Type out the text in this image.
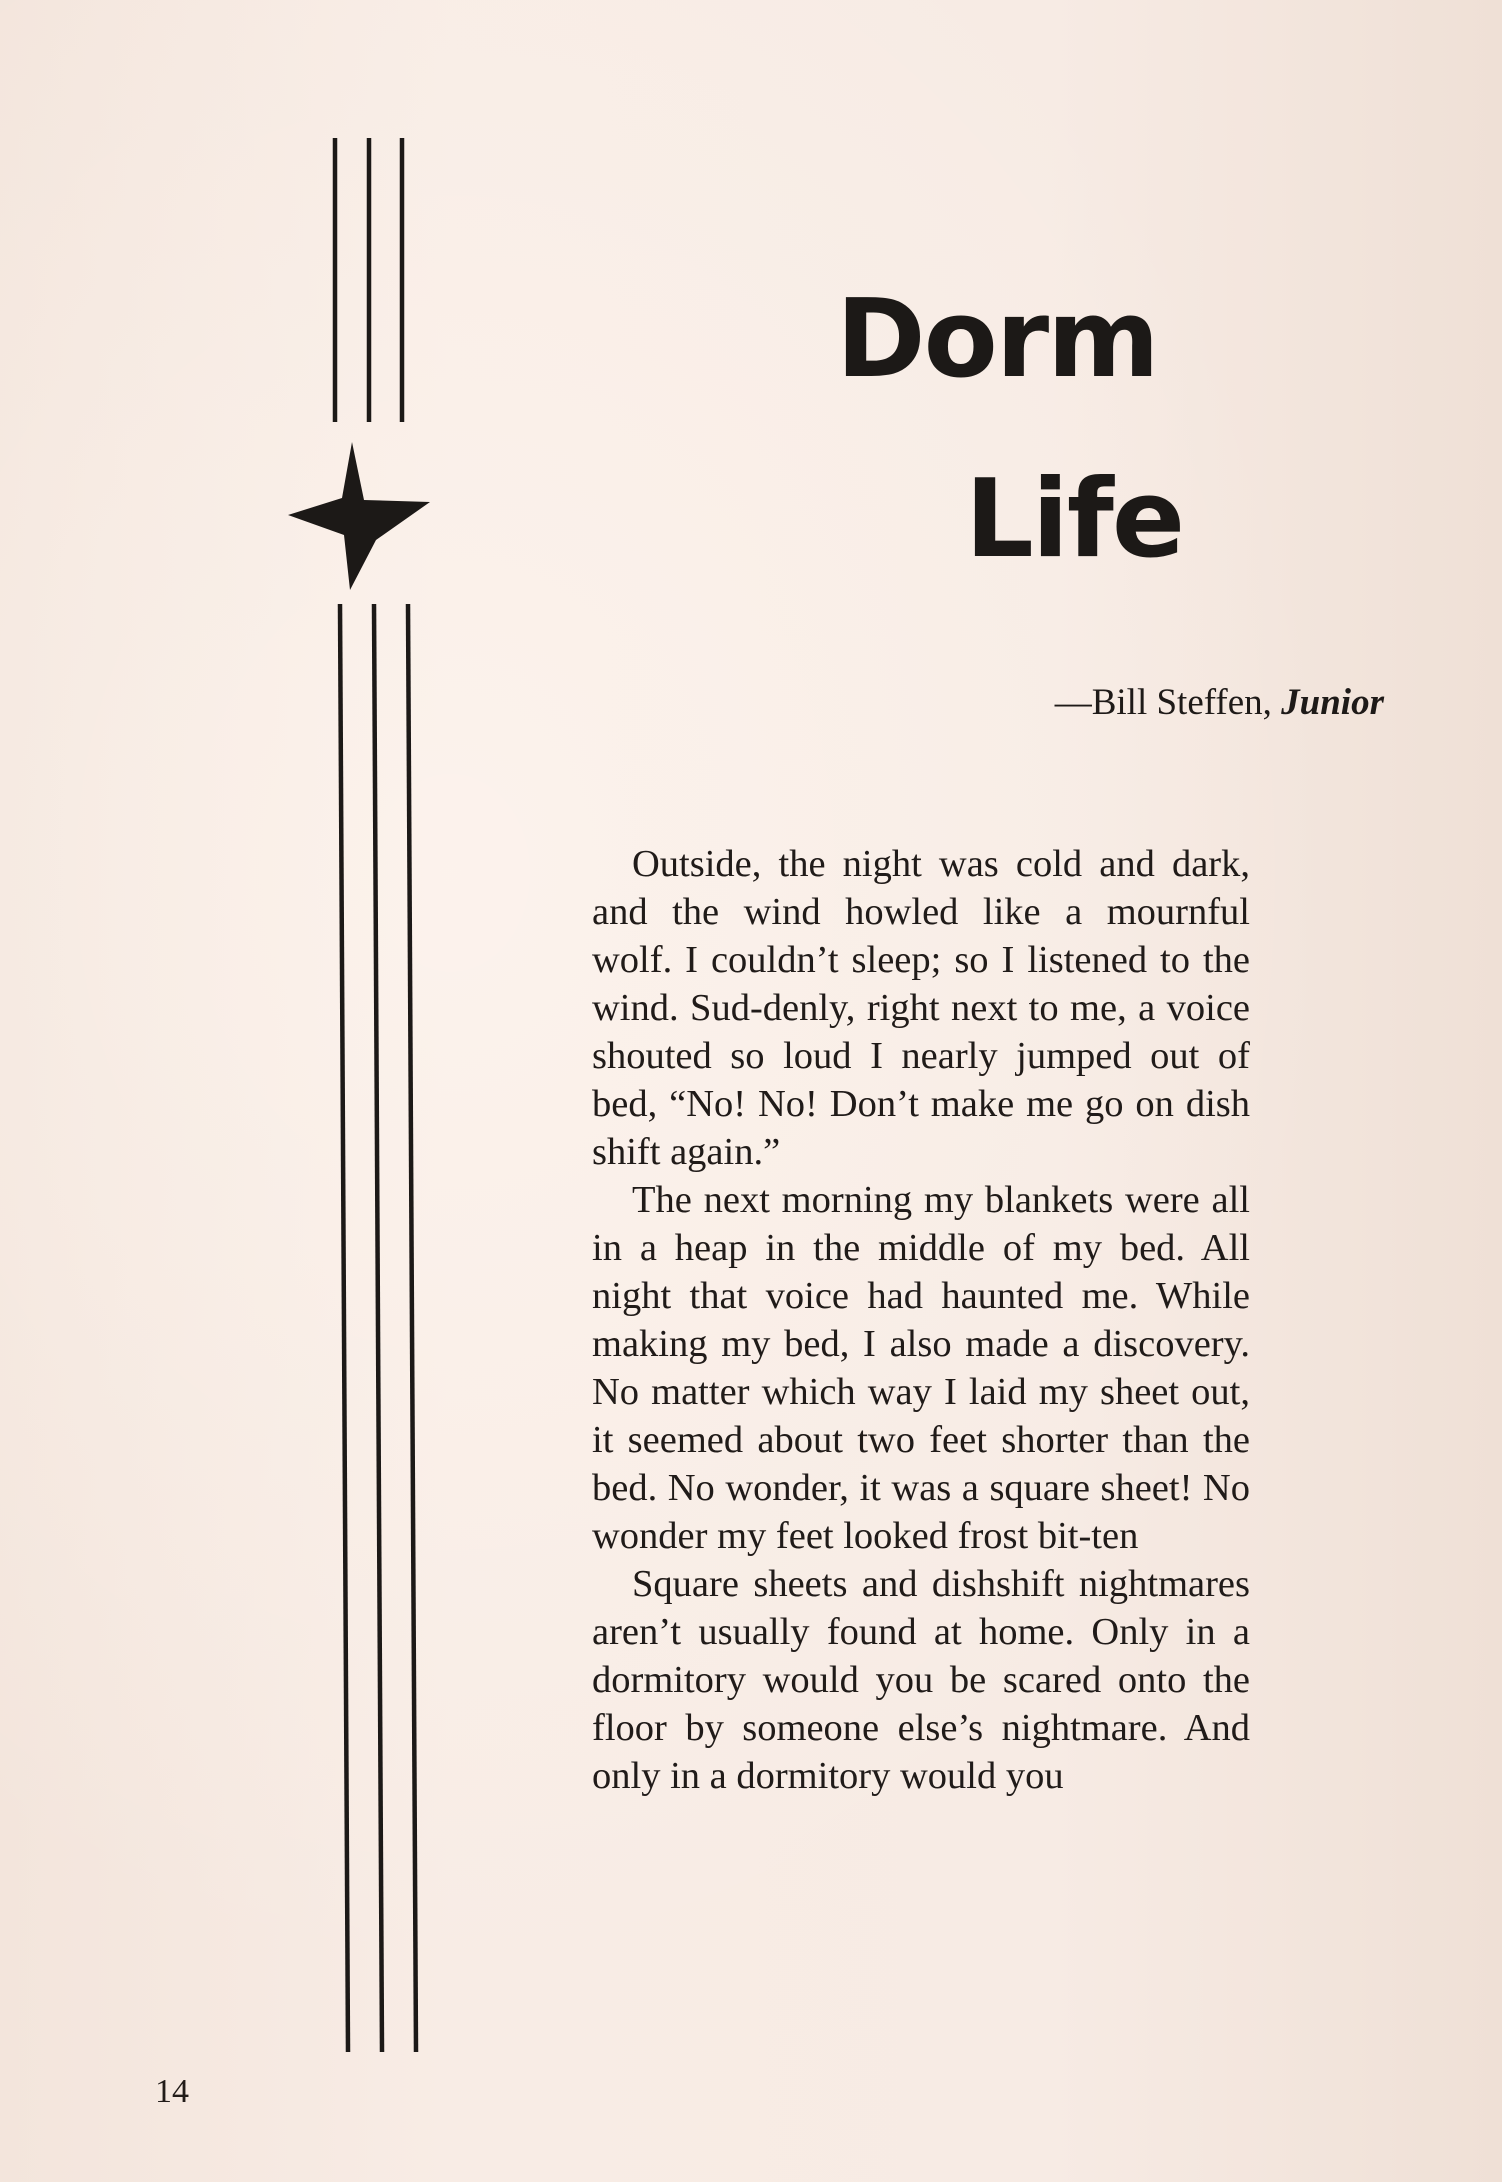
Dorm
Life

—Bill Steffen, Junior

Outside, the night was cold and dark, and the wind howled like a mournful wolf. I couldn’t sleep; so I listened to the wind. Sud-denly, right next to me, a voice shouted so loud I nearly jumped out of bed, “No! No! Don’t make me go on dish shift again.”

The next morning my blankets were all in a heap in the middle of my bed. All night that voice had haunted me. While making my bed, I also made a discovery. No matter which way I laid my sheet out, it seemed about two feet shorter than the bed. No wonder, it was a square sheet! No wonder my feet looked frost bit-ten

Square sheets and dishshift nightmares aren’t usually found at home. Only in a dormitory would you be scared onto the floor by someone else’s nightmare. And only in a dormitory would you

14
